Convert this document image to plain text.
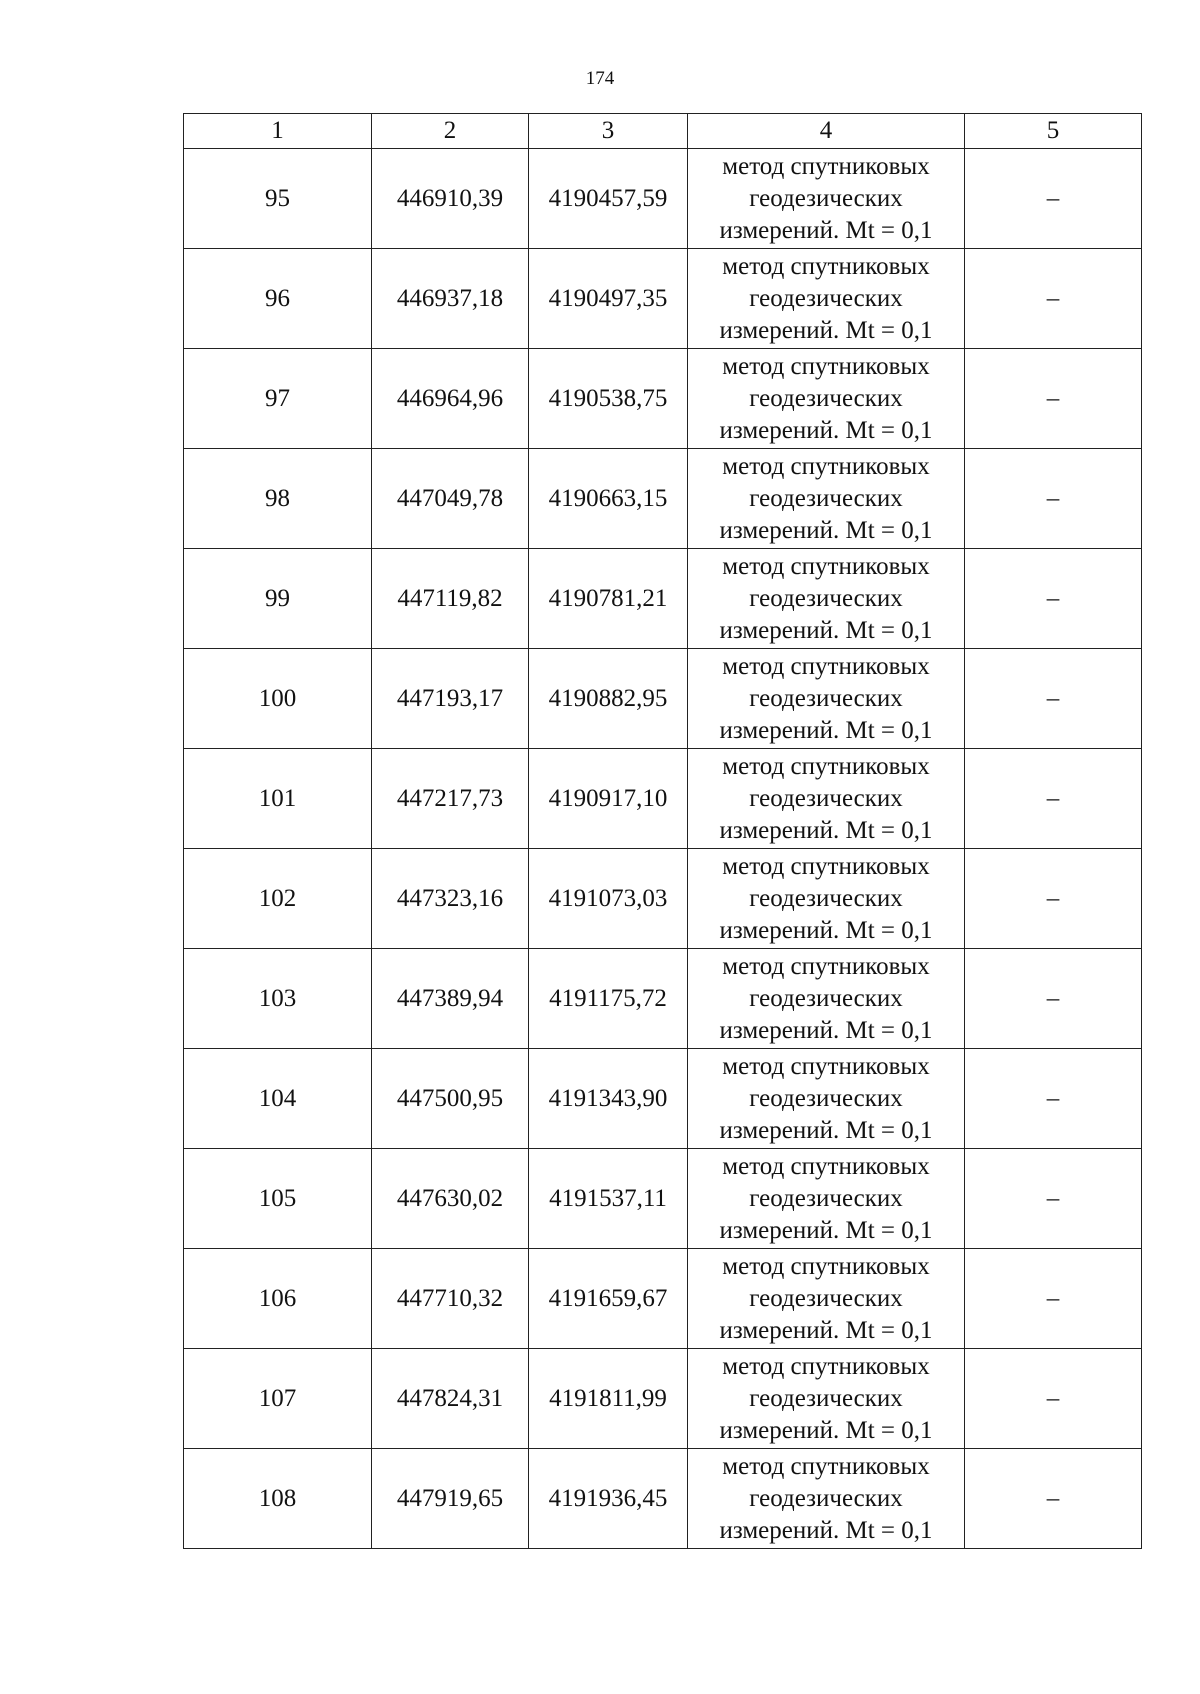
174
1	2	3	4	5
95	446910,39	4190457,59	метод спутниковых
геодезических
измерений. Mt = 0,1	–
96	446937,18	4190497,35	метод спутниковых
геодезических
измерений. Mt = 0,1	–
97	446964,96	4190538,75	метод спутниковых
геодезических
измерений. Mt = 0,1	–
98	447049,78	4190663,15	метод спутниковых
геодезических
измерений. Mt = 0,1	–
99	447119,82	4190781,21	метод спутниковых
геодезических
измерений. Mt = 0,1	–
100	447193,17	4190882,95	метод спутниковых
геодезических
измерений. Mt = 0,1	–
101	447217,73	4190917,10	метод спутниковых
геодезических
измерений. Mt = 0,1	–
102	447323,16	4191073,03	метод спутниковых
геодезических
измерений. Mt = 0,1	–
103	447389,94	4191175,72	метод спутниковых
геодезических
измерений. Mt = 0,1	–
104	447500,95	4191343,90	метод спутниковых
геодезических
измерений. Mt = 0,1	–
105	447630,02	4191537,11	метод спутниковых
геодезических
измерений. Mt = 0,1	–
106	447710,32	4191659,67	метод спутниковых
геодезических
измерений. Mt = 0,1	–
107	447824,31	4191811,99	метод спутниковых
геодезических
измерений. Mt = 0,1	–
108	447919,65	4191936,45	метод спутниковых
геодезических
измерений. Mt = 0,1	–
